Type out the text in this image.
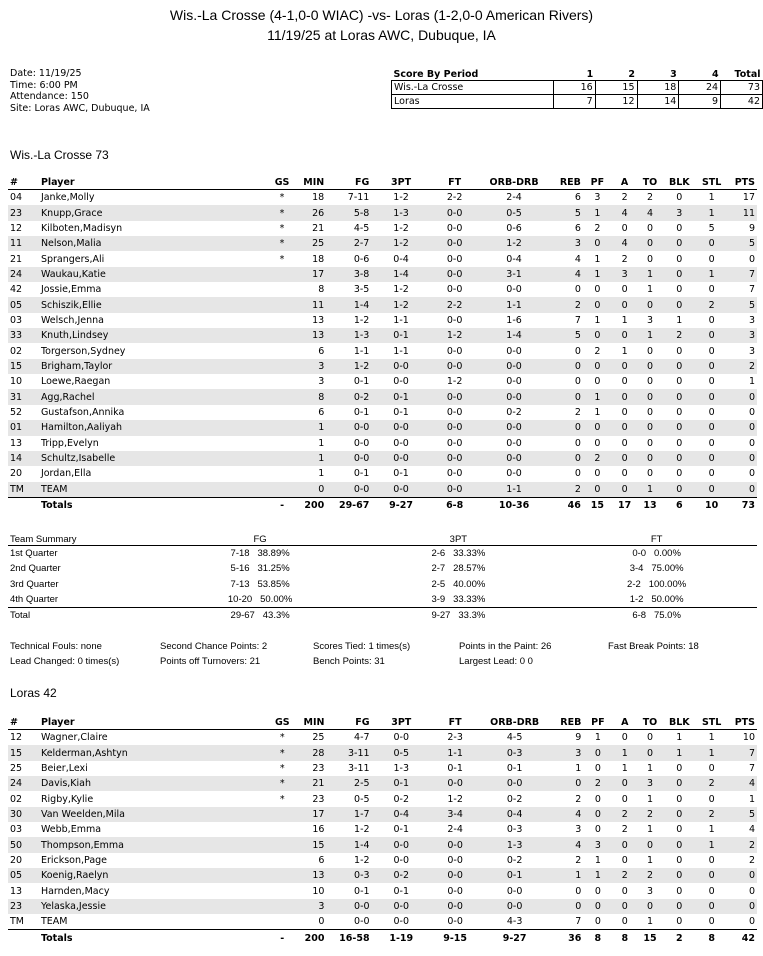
Wis.-La Crosse (4-1,0-0 WIAC) -vs- Loras (1-2,0-0 American Rivers)
11/19/25 at Loras AWC, Dubuque, IA
Date: 11/19/25
Time: 6:00 PM
Attendance: 150
Site: Loras AWC, Dubuque, IA
Score By Period	1	2	3	4	Total
Wis.-La Crosse	16	15	18	24	73
Loras	7	12	14	9	42
Wis.-La Crosse 73
#	Player	GS	MIN	FG	3PT	FT	ORB-DRB	REB	PF	A	TO	BLK	STL	PTS
04	Janke,Molly	*	18	7-11	1-2	2-2	2-4	6	3	2	2	0	1	17
23	Knupp,Grace	*	26	5-8	1-3	0-0	0-5	5	1	4	4	3	1	11
12	Kilboten,Madisyn	*	21	4-5	1-2	0-0	0-6	6	2	0	0	0	5	9
11	Nelson,Malia	*	25	2-7	1-2	0-0	1-2	3	0	4	0	0	0	5
21	Sprangers,Ali	*	18	0-6	0-4	0-0	0-4	4	1	2	0	0	0	0
24	Waukau,Katie		17	3-8	1-4	0-0	3-1	4	1	3	1	0	1	7
42	Jossie,Emma		8	3-5	1-2	0-0	0-0	0	0	0	1	0	0	7
05	Schiszik,Ellie		11	1-4	1-2	2-2	1-1	2	0	0	0	0	2	5
03	Welsch,Jenna		13	1-2	1-1	0-0	1-6	7	1	1	3	1	0	3
33	Knuth,Lindsey		13	1-3	0-1	1-2	1-4	5	0	0	1	2	0	3
02	Torgerson,Sydney		6	1-1	1-1	0-0	0-0	0	2	1	0	0	0	3
15	Brigham,Taylor		3	1-2	0-0	0-0	0-0	0	0	0	0	0	0	2
10	Loewe,Raegan		3	0-1	0-0	1-2	0-0	0	0	0	0	0	0	1
31	Agg,Rachel		8	0-2	0-1	0-0	0-0	0	1	0	0	0	0	0
52	Gustafson,Annika		6	0-1	0-1	0-0	0-2	2	1	0	0	0	0	0
01	Hamilton,Aaliyah		1	0-0	0-0	0-0	0-0	0	0	0	0	0	0	0
13	Tripp,Evelyn		1	0-0	0-0	0-0	0-0	0	0	0	0	0	0	0
14	Schultz,Isabelle		1	0-0	0-0	0-0	0-0	0	2	0	0	0	0	0
20	Jordan,Ella		1	0-1	0-1	0-0	0-0	0	0	0	0	0	0	0
TM	TEAM		0	0-0	0-0	0-0	1-1	2	0	0	1	0	0	0
	Totals	-	200	29-67	9-27	6-8	10-36	46	15	17	13	6	10	73
Team Summary	FG	3PT	FT
1st Quarter	7-18   38.89%	2-6   33.33%	0-0   0.00%
2nd Quarter	5-16   31.25%	2-7   28.57%	3-4   75.00%
3rd Quarter	7-13   53.85%	2-5   40.00%	2-2   100.00%
4th Quarter	10-20   50.00%	3-9   33.33%	1-2   50.00%
Total	29-67   43.3%	9-27   33.3%	6-8   75.0%
Technical Fouls: none	Second Chance Points: 2	Scores Tied: 1 times(s)	Points in the Paint: 26	Fast Break Points: 18
Lead Changed: 0 times(s)	Points off Turnovers: 21	Bench Points: 31	Largest Lead: 0 0
Loras 42
#	Player	GS	MIN	FG	3PT	FT	ORB-DRB	REB	PF	A	TO	BLK	STL	PTS
12	Wagner,Claire	*	25	4-7	0-0	2-3	4-5	9	1	0	0	1	1	10
15	Kelderman,Ashtyn	*	28	3-11	0-5	1-1	0-3	3	0	1	0	1	1	7
25	Beier,Lexi	*	23	3-11	1-3	0-1	0-1	1	0	1	1	0	0	7
24	Davis,Kiah	*	21	2-5	0-1	0-0	0-0	0	2	0	3	0	2	4
02	Rigby,Kylie	*	23	0-5	0-2	1-2	0-2	2	0	0	1	0	0	1
30	Van Weelden,Mila		17	1-7	0-4	3-4	0-4	4	0	2	2	0	2	5
03	Webb,Emma		16	1-2	0-1	2-4	0-3	3	0	2	1	0	1	4
50	Thompson,Emma		15	1-4	0-0	0-0	1-3	4	3	0	0	0	1	2
20	Erickson,Page		6	1-2	0-0	0-0	0-2	2	1	0	1	0	0	2
05	Koenig,Raelyn		13	0-3	0-2	0-0	0-1	1	1	2	2	0	0	0
13	Harnden,Macy		10	0-1	0-1	0-0	0-0	0	0	0	3	0	0	0
23	Yelaska,Jessie		3	0-0	0-0	0-0	0-0	0	0	0	0	0	0	0
TM	TEAM		0	0-0	0-0	0-0	4-3	7	0	0	1	0	0	0
	Totals	-	200	16-58	1-19	9-15	9-27	36	8	8	15	2	8	42
